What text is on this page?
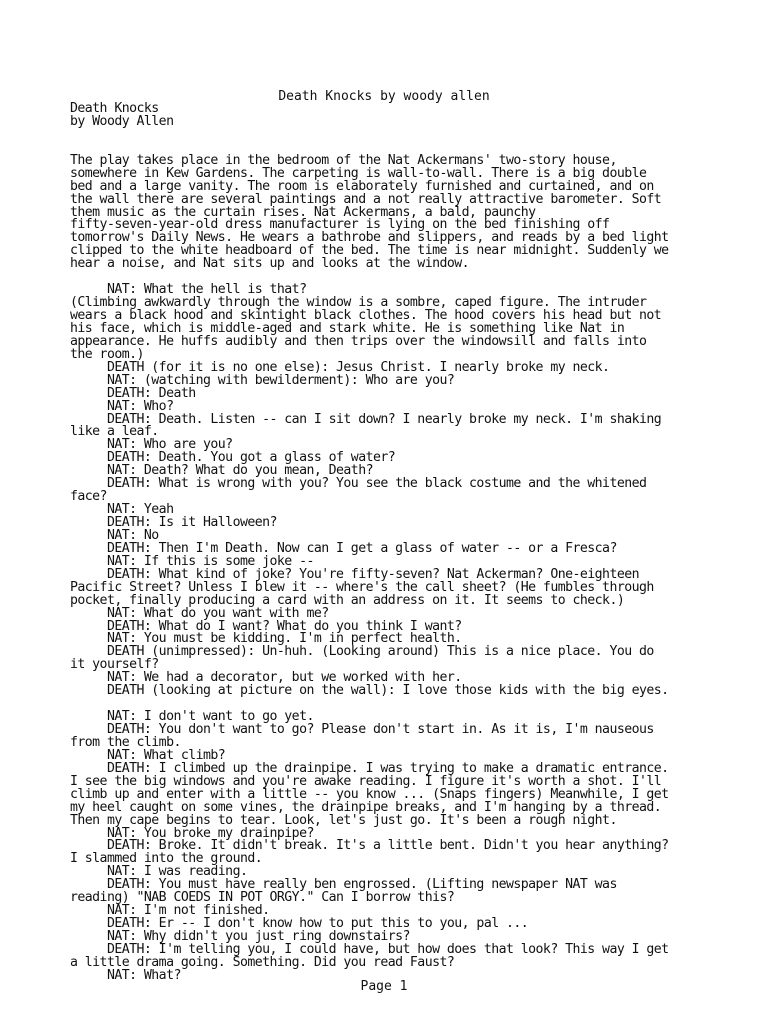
Death Knocks by woody allen
Death Knocks
by Woody Allen

The play takes place in the bedroom of the Nat Ackermans' two-story house,
somewhere in Kew Gardens. The carpeting is wall-to-wall. There is a big double
bed and a large vanity. The room is elaborately furnished and curtained, and on
the wall there are several paintings and a not really attractive barometer. Soft
them music as the curtain rises. Nat Ackermans, a bald, paunchy
fifty-seven-year-old dress manufacturer is lying on the bed finishing off
tomorrow's Daily News. He wears a bathrobe and slippers, and reads by a bed light
clipped to the white headboard of the bed. The time is near midnight. Suddenly we
hear a noise, and Nat sits up and looks at the window.

NAT: What the hell is that?
(Climbing awkwardly through the window is a sombre, caped figure. The intruder
wears a black hood and skintight black clothes. The hood covers his head but not
his face, which is middle-aged and stark white. He is something like Nat in
appearance. He huffs audibly and then trips over the windowsill and falls into
the room.)
DEATH (for it is no one else): Jesus Christ. I nearly broke my neck.
NAT: (watching with bewilderment): Who are you?
DEATH: Death
NAT: Who?
DEATH: Death. Listen -- can I sit down? I nearly broke my neck. I'm shaking
like a leaf.
NAT: Who are you?
DEATH: Death. You got a glass of water?
NAT: Death? What do you mean, Death?
DEATH: What is wrong with you? You see the black costume and the whitened
face?
NAT: Yeah
DEATH: Is it Halloween?
NAT: No
DEATH: Then I'm Death. Now can I get a glass of water -- or a Fresca?
NAT: If this is some joke --
DEATH: What kind of joke? You're fifty-seven? Nat Ackerman? One-eighteen
Pacific Street? Unless I blew it -- where's the call sheet? (He fumbles through
pocket, finally producing a card with an address on it. It seems to check.)
NAT: What do you want with me?
DEATH: What do I want? What do you think I want?
NAT: You must be kidding. I'm in perfect health.
DEATH (unimpressed): Un-huh. (Looking around) This is a nice place. You do
it yourself?
NAT: We had a decorator, but we worked with her.
DEATH (looking at picture on the wall): I love those kids with the big eyes.

NAT: I don't want to go yet.
DEATH: You don't want to go? Please don't start in. As it is, I'm nauseous
from the climb.
NAT: What climb?
DEATH: I climbed up the drainpipe. I was trying to make a dramatic entrance.
I see the big windows and you're awake reading. I figure it's worth a shot. I'll
climb up and enter with a little -- you know ... (Snaps fingers) Meanwhile, I get
my heel caught on some vines, the drainpipe breaks, and I'm hanging by a thread.
Then my cape begins to tear. Look, let's just go. It's been a rough night.
NAT: You broke my drainpipe?
DEATH: Broke. It didn't break. It's a little bent. Didn't you hear anything?
I slammed into the ground.
NAT: I was reading.
DEATH: You must have really ben engrossed. (Lifting newspaper NAT was
reading) "NAB COEDS IN POT ORGY." Can I borrow this?
NAT: I'm not finished.
DEATH: Er -- I don't know how to put this to you, pal ...
NAT: Why didn't you just ring downstairs?
DEATH: I'm telling you, I could have, but how does that look? This way I get
a little drama going. Something. Did you read Faust?
NAT: What?
Page 1
